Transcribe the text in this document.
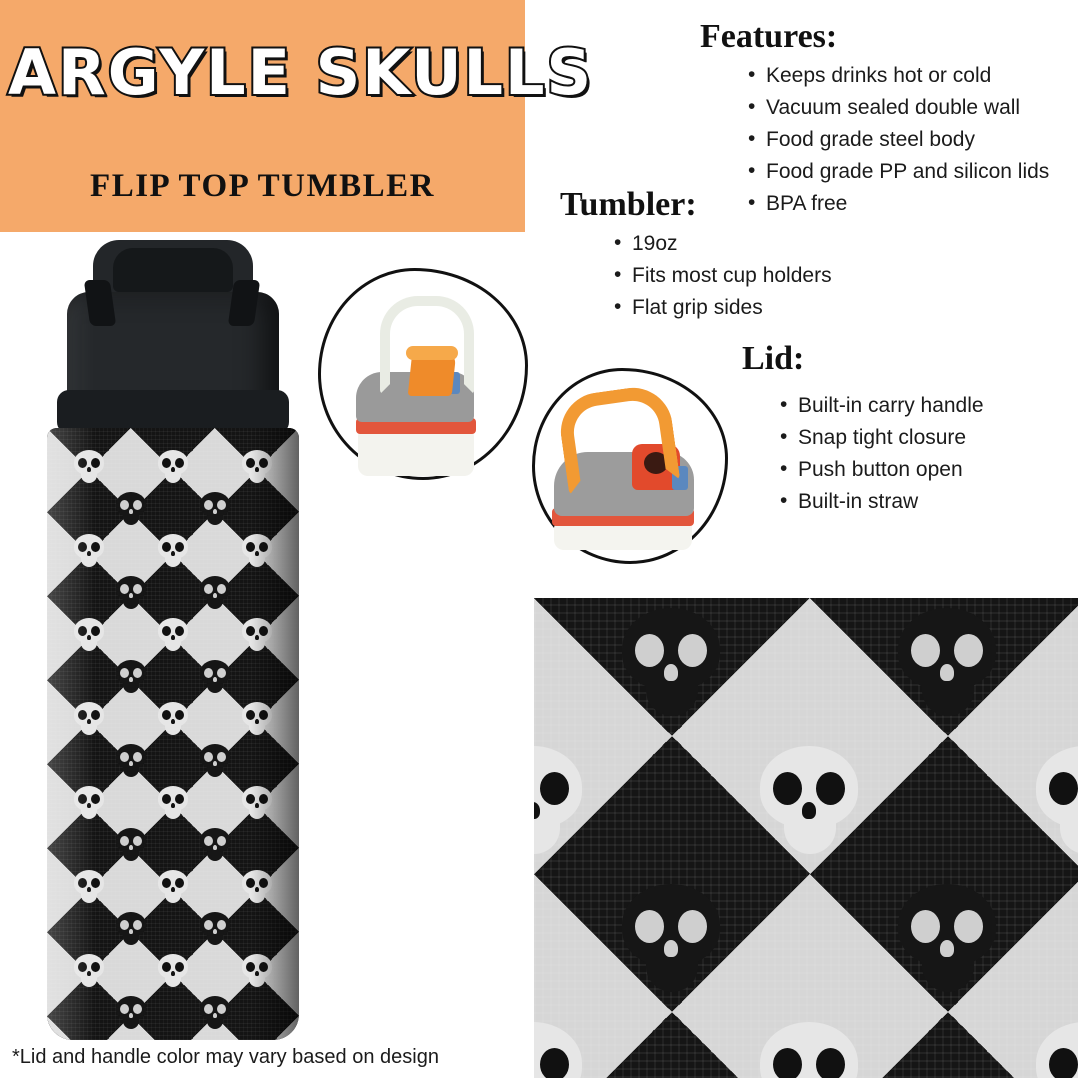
ARGYLE SKULLS
FLIP TOP TUMBLER
Features:
• Keeps drinks hot or cold
• Vacuum sealed double wall
• Food grade steel body
• Food grade PP and silicon lids
• BPA free
Tumbler:
• 19oz
• Fits most cup holders
• Flat grip sides
Lid:
• Built-in carry handle
• Snap tight closure
• Push button open
• Built-in straw
*Lid and handle color may vary based on design
